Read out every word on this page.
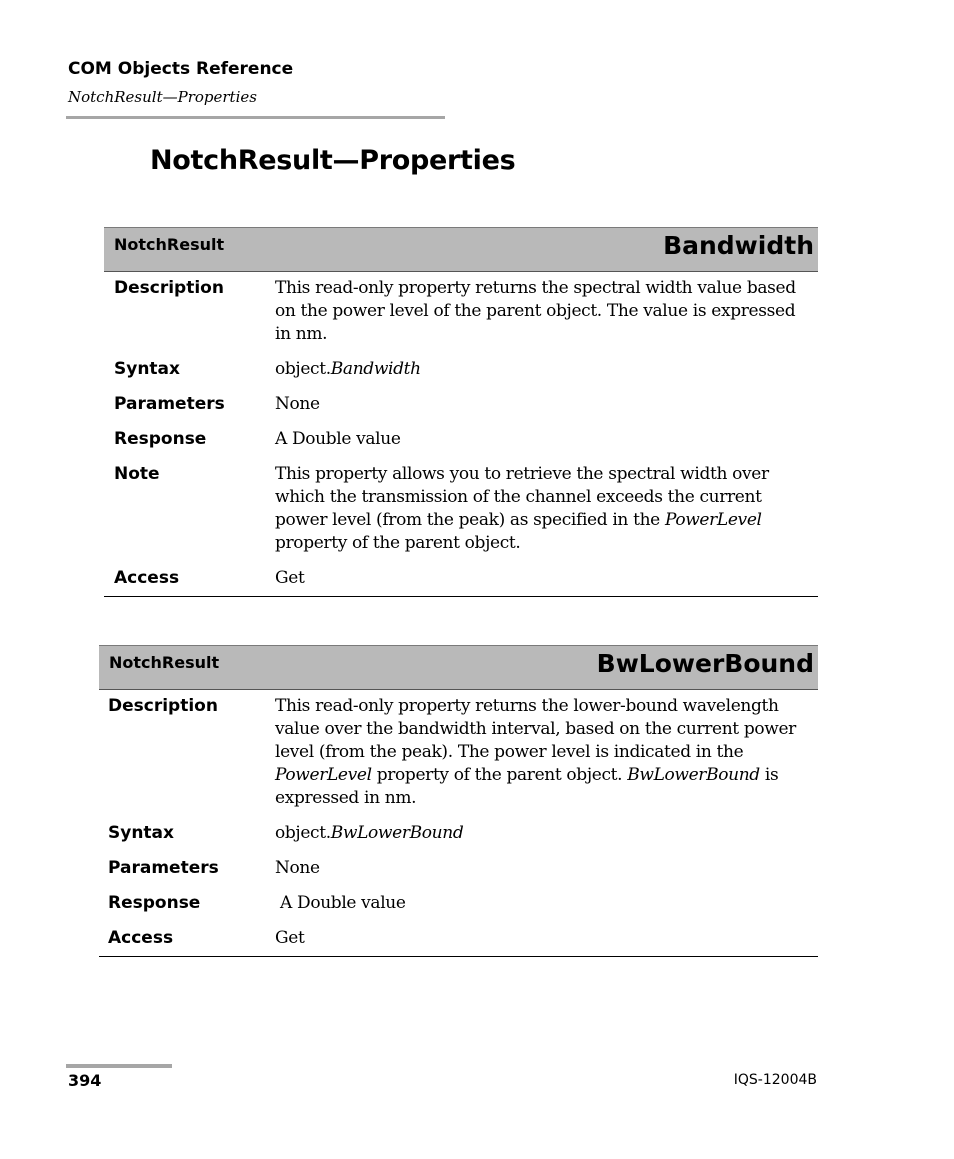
COM Objects Reference
NotchResult—Properties
NotchResult—Properties
NotchResult	Bandwidth
Description	This read-only property returns the spectral width value based on the power level of the parent object. The value is expressed in nm.
Syntax	object.Bandwidth
Parameters	None
Response	A Double value
Note	This property allows you to retrieve the spectral width over which the transmission of the channel exceeds the current power level (from the peak) as specified in the PowerLevel property of the parent object.
Access	Get
NotchResult	BwLowerBound
Description	This read-only property returns the lower-bound wavelength value over the bandwidth interval, based on the current power level (from the peak). The power level is indicated in the PowerLevel property of the parent object. BwLowerBound is expressed in nm.
Syntax	object.BwLowerBound
Parameters	None
Response	A Double value
Access	Get
394	IQS-12004B
